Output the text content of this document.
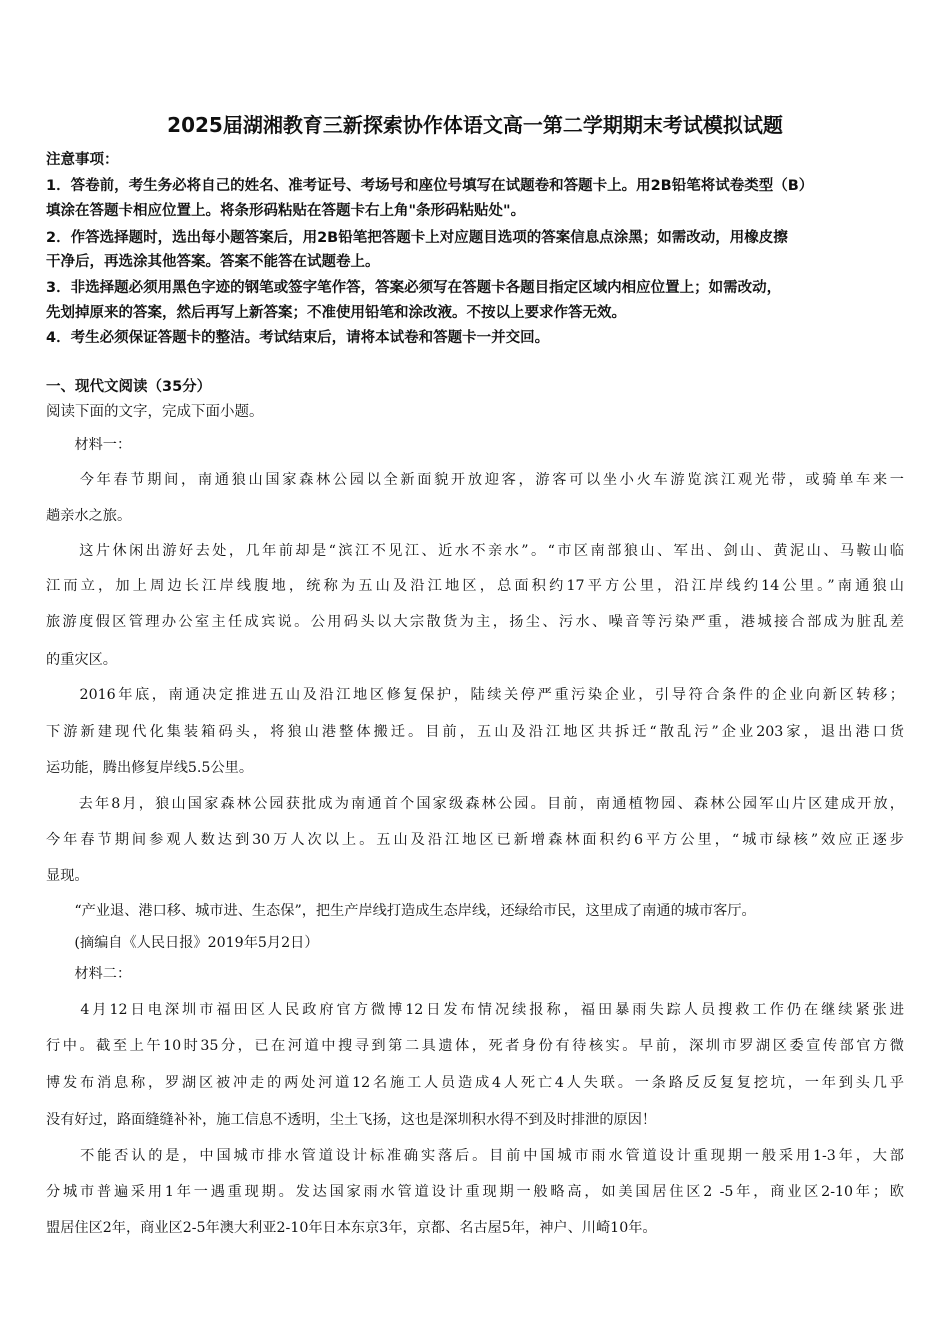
2025届湖湘教育三新探索协作体语文高一第二学期期末考试模拟试题
注意事项：
1．答卷前，考生务必将自己的姓名、准考证号、考场号和座位号填写在试题卷和答题卡上。用2B铅笔将试卷类型（B）
填涂在答题卡相应位置上。将条形码粘贴在答题卡右上角"条形码粘贴处"。
2．作答选择题时，选出每小题答案后，用2B铅笔把答题卡上对应题目选项的答案信息点涂黑；如需改动，用橡皮擦
干净后，再选涂其他答案。答案不能答在试题卷上。
3．非选择题必须用黑色字迹的钢笔或签字笔作答，答案必须写在答题卡各题目指定区域内相应位置上；如需改动，
先划掉原来的答案，然后再写上新答案；不准使用铅笔和涂改液。不按以上要求作答无效。
4．考生必须保证答题卡的整洁。考试结束后，请将本试卷和答题卡一并交回。
一、现代文阅读（35分）
阅读下面的文字，完成下面小题。
　　材料一：
　　今年春节期间，南通狼山国家森林公园以全新面貌开放迎客，游客可以坐小火车游览滨江观光带，或骑单车来一
趟亲水之旅。
　　这片休闲出游好去处，几年前却是“滨江不见江、近水不亲水”。“市区南部狼山、军出、剑山、黄泥山、马鞍山临
江而立，加上周边长江岸线腹地，统称为五山及沿江地区，总面积约17平方公里，沿江岸线约14公里。”南通狼山
旅游度假区管理办公室主任成宾说。公用码头以大宗散货为主，扬尘、污水、噪音等污染严重，港城接合部成为脏乱差
的重灾区。
　　2016年底，南通决定推进五山及沿江地区修复保护，陆续关停严重污染企业，引导符合条件的企业向新区转移；
下游新建现代化集装箱码头，将狼山港整体搬迁。目前，五山及沿江地区共拆迁“散乱污”企业203家，退出港口货
运功能，腾出修复岸线5.5公里。
　　去年8月，狼山国家森林公园获批成为南通首个国家级森林公园。目前，南通植物园、森林公园军山片区建成开放，
今年春节期间参观人数达到30万人次以上。五山及沿江地区已新增森林面积约6平方公里，“城市绿核”效应正逐步
显现。
　　“产业退、港口移、城市进、生态保”，把生产岸线打造成生态岸线，还绿给市民，这里成了南通的城市客厅。
　　(摘编自《人民日报》2019年5月2日）
　　材料二：
　　4月12日电深圳市福田区人民政府官方微博12日发布情况续报称，福田暴雨失踪人员搜救工作仍在继续紧张进
行中。截至上午10时35分，已在河道中搜寻到第二具遗体，死者身份有待核实。早前，深圳市罗湖区委宣传部官方微
博发布消息称，罗湖区被冲走的两处河道12名施工人员造成4人死亡4人失联。一条路反反复复挖坑，一年到头几乎
没有好过，路面缝缝补补，施工信息不透明，尘土飞扬，这也是深圳积水得不到及时排泄的原因！
　　不能否认的是，中国城市排水管道设计标准确实落后。目前中国城市雨水管道设计重现期一般采用1-3年，大部
分城市普遍采用1年一遇重现期。发达国家雨水管道设计重现期一般略高，如美国居住区2 -5年，商业区2-10年；欧
盟居住区2年，商业区2-5年澳大利亚2-10年日本东京3年，京都、名古屋5年，神户、川崎10年。
